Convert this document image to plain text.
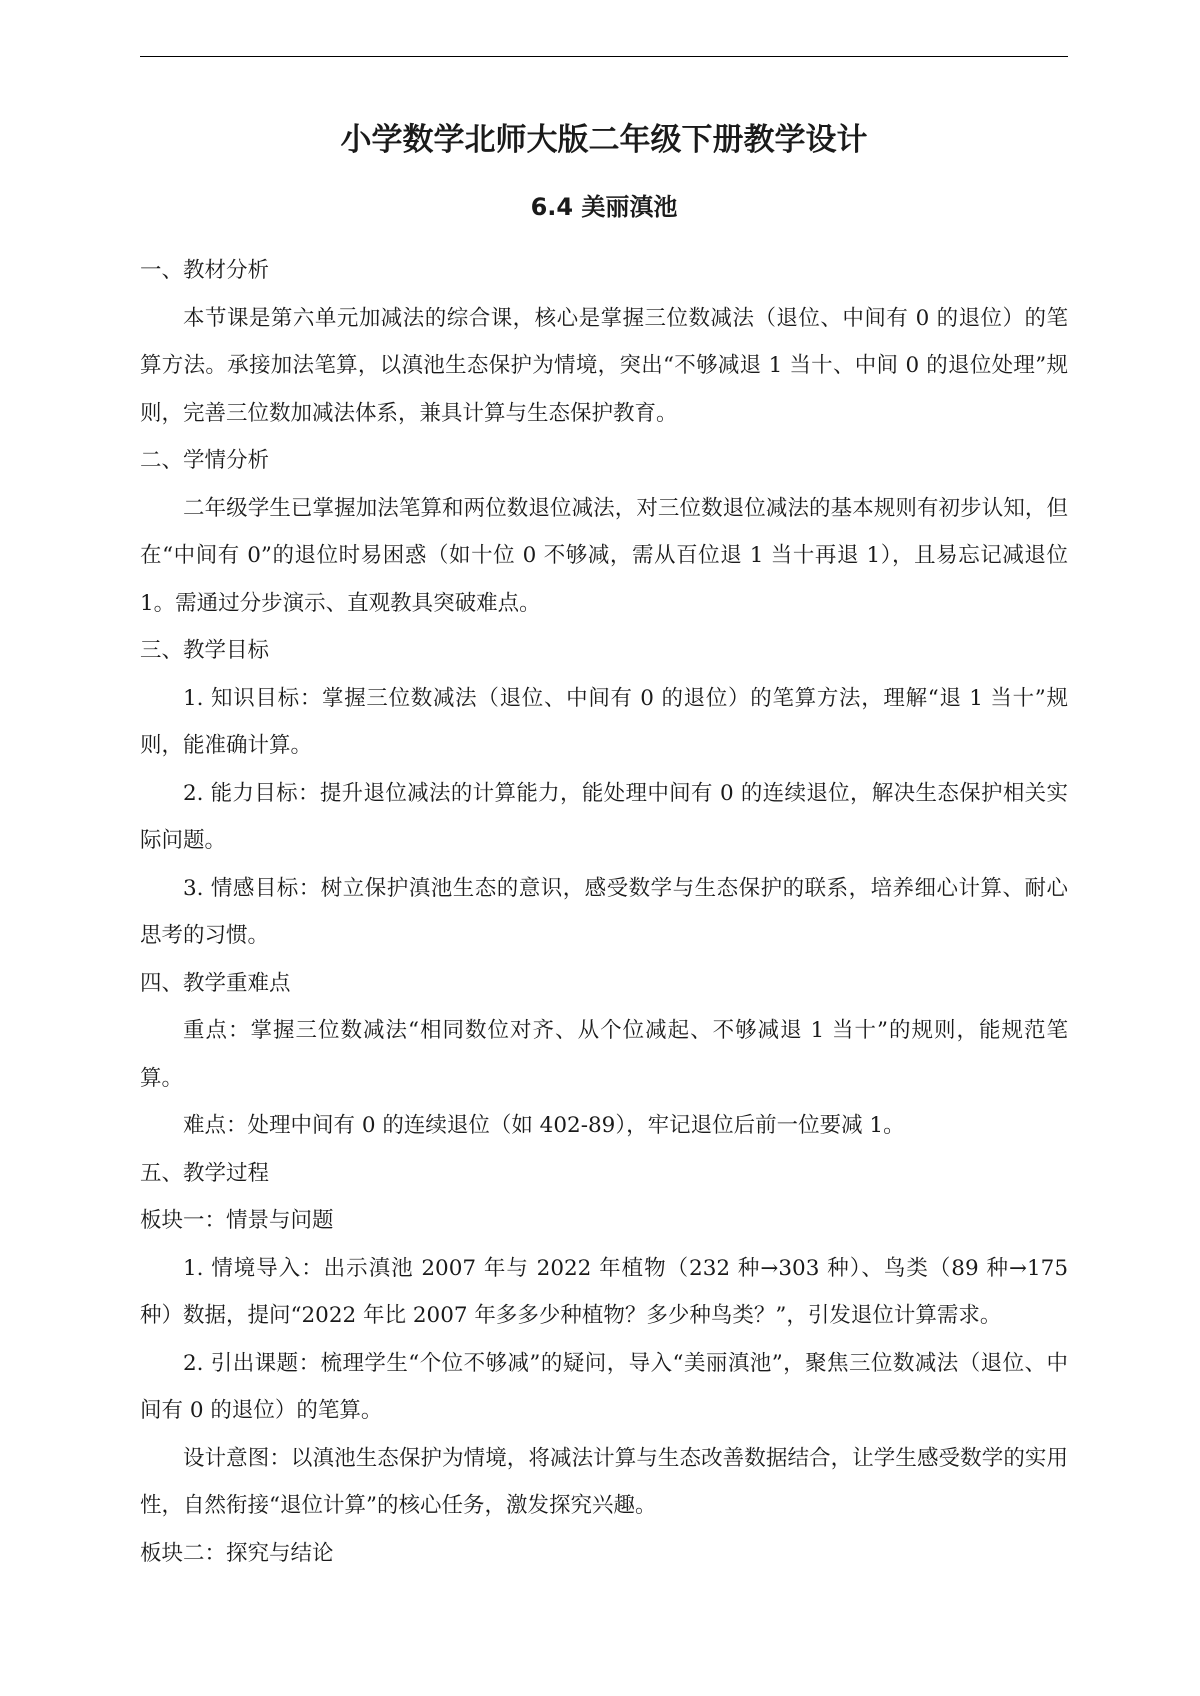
小学数学北师大版二年级下册教学设计
6.4 美丽滇池

一、教材分析

本节课是第六单元加减法的综合课，核心是掌握三位数减法（退位、中间有 0 的退位）的笔算方法。承接加法笔算，以滇池生态保护为情境，突出“不够减退 1 当十、中间 0 的退位处理”规则，完善三位数加减法体系，兼具计算与生态保护教育。

二、学情分析

二年级学生已掌握加法笔算和两位数退位减法，对三位数退位减法的基本规则有初步认知，但在“中间有 0”的退位时易困惑（如十位 0 不够减，需从百位退 1 当十再退 1），且易忘记减退位 1。需通过分步演示、直观教具突破难点。

三、教学目标

1. 知识目标：掌握三位数减法（退位、中间有 0 的退位）的笔算方法，理解“退 1 当十”规则，能准确计算。

2. 能力目标：提升退位减法的计算能力，能处理中间有 0 的连续退位，解决生态保护相关实际问题。

3. 情感目标：树立保护滇池生态的意识，感受数学与生态保护的联系，培养细心计算、耐心思考的习惯。

四、教学重难点

重点：掌握三位数减法“相同数位对齐、从个位减起、不够减退 1 当十”的规则，能规范笔算。

难点：处理中间有 0 的连续退位（如 402-89），牢记退位后前一位要减 1。

五、教学过程

板块一：情景与问题

1. 情境导入：出示滇池 2007 年与 2022 年植物（232 种→303 种）、鸟类（89 种→175 种）数据，提问“2022 年比 2007 年多多少种植物？多少种鸟类？”，引发退位计算需求。

2. 引出课题：梳理学生“个位不够减”的疑问，导入“美丽滇池”，聚焦三位数减法（退位、中间有 0 的退位）的笔算。

设计意图：以滇池生态保护为情境，将减法计算与生态改善数据结合，让学生感受数学的实用性，自然衔接“退位计算”的核心任务，激发探究兴趣。

板块二：探究与结论
